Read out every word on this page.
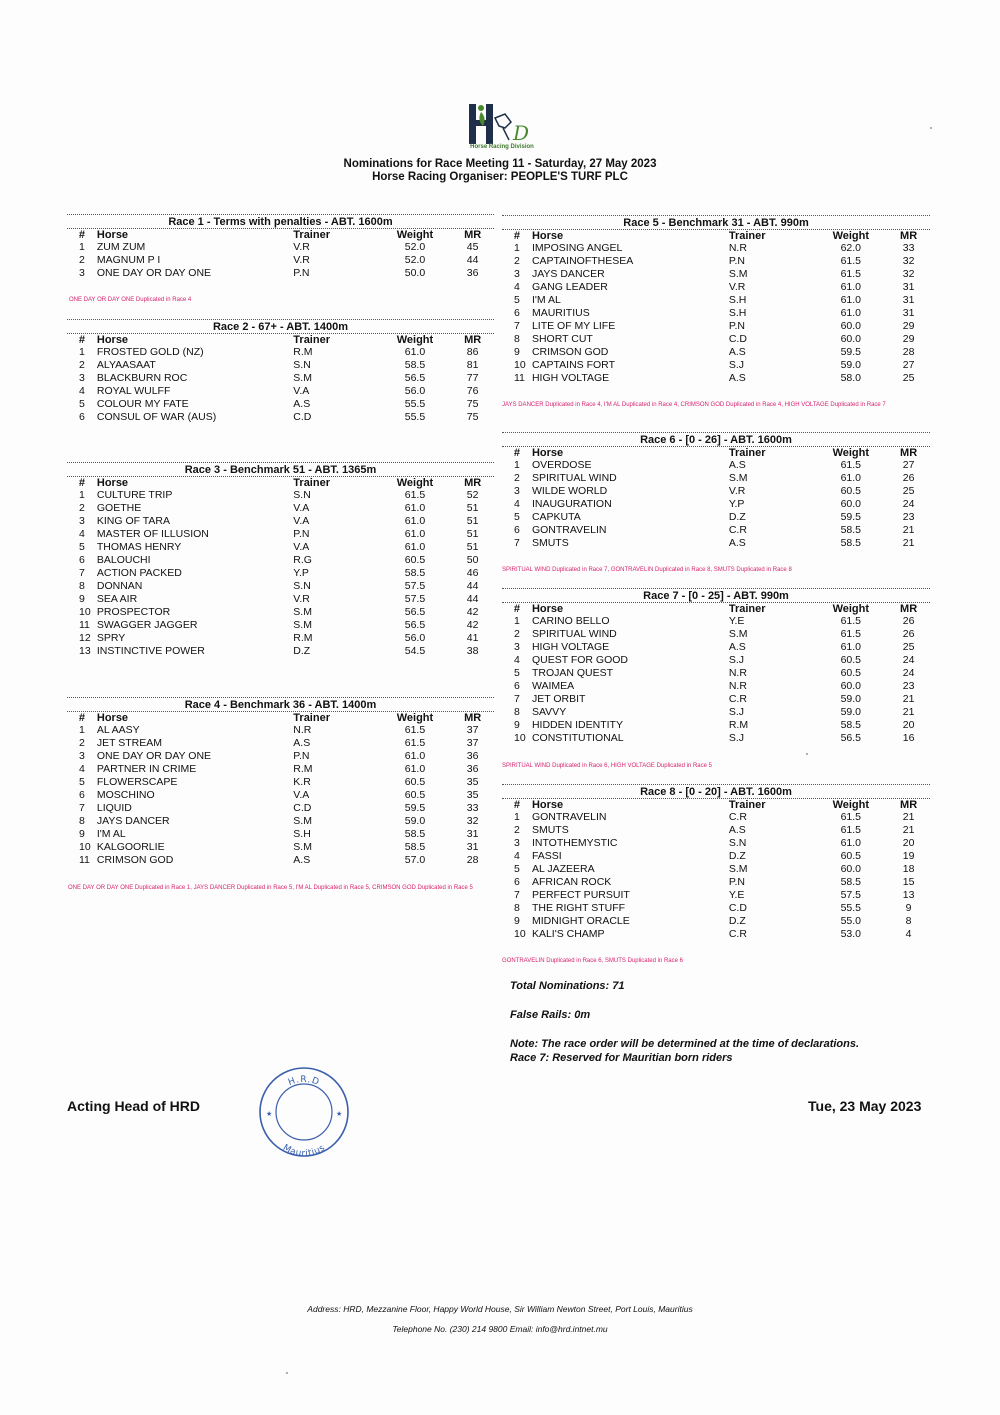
D
Horse Racing Division
Nominations for Race Meeting 11 - Saturday, 27 May 2023
Horse Racing Organiser: PEOPLE'S TURF PLC
Race 1 - Terms with penalties - ABT. 1600m
#	Horse	Trainer	Weight	MR
1	ZUM ZUM	V.R	52.0	45
2	MAGNUM P I	V.R	52.0	44
3	ONE DAY OR DAY ONE	P.N	50.0	36
ONE DAY OR DAY ONE Duplicated in Race 4
Race 2 - 67+ - ABT. 1400m
#	Horse	Trainer	Weight	MR
1	FROSTED GOLD (NZ)	R.M	61.0	86
2	ALYAASAAT	S.N	58.5	81
3	BLACKBURN ROC	S.M	56.5	77
4	ROYAL WULFF	V.A	56.0	76
5	COLOUR MY FATE	A.S	55.5	75
6	CONSUL OF WAR (AUS)	C.D	55.5	75
Race 3 - Benchmark 51 - ABT. 1365m
#	Horse	Trainer	Weight	MR
1	CULTURE TRIP	S.N	61.5	52
2	GOETHE	V.A	61.0	51
3	KING OF TARA	V.A	61.0	51
4	MASTER OF ILLUSION	P.N	61.0	51
5	THOMAS HENRY	V.A	61.0	51
6	BALOUCHI	R.G	60.5	50
7	ACTION PACKED	Y.P	58.5	46
8	DONNAN	S.N	57.5	44
9	SEA AIR	V.R	57.5	44
10	PROSPECTOR	S.M	56.5	42
11	SWAGGER JAGGER	S.M	56.5	42
12	SPRY	R.M	56.0	41
13	INSTINCTIVE POWER	D.Z	54.5	38
Race 4 - Benchmark 36 - ABT. 1400m
#	Horse	Trainer	Weight	MR
1	AL AASY	N.R	61.5	37
2	JET STREAM	A.S	61.5	37
3	ONE DAY OR DAY ONE	P.N	61.0	36
4	PARTNER IN CRIME	R.M	61.0	36
5	FLOWERSCAPE	K.R	60.5	35
6	MOSCHINO	V.A	60.5	35
7	LIQUID	C.D	59.5	33
8	JAYS DANCER	S.M	59.0	32
9	I'M AL	S.H	58.5	31
10	KALGOORLIE	S.M	58.5	31
11	CRIMSON GOD	A.S	57.0	28
ONE DAY OR DAY ONE Duplicated in Race 1, JAYS DANCER Duplicated in Race 5, I'M AL Duplicated in Race 5, CRIMSON GOD Duplicated in Race 5
Race 5 - Benchmark 31 - ABT. 990m
#	Horse	Trainer	Weight	MR
1	IMPOSING ANGEL	N.R	62.0	33
2	CAPTAINOFTHESEA	P.N	61.5	32
3	JAYS DANCER	S.M	61.5	32
4	GANG LEADER	V.R	61.0	31
5	I'M AL	S.H	61.0	31
6	MAURITIUS	S.H	61.0	31
7	LITE OF MY LIFE	P.N	60.0	29
8	SHORT CUT	C.D	60.0	29
9	CRIMSON GOD	A.S	59.5	28
10	CAPTAINS FORT	S.J	59.0	27
11	HIGH VOLTAGE	A.S	58.0	25
JAYS DANCER Duplicated in Race 4, I'M AL Duplicated in Race 4, CRIMSON GOD Duplicated in Race 4, HIGH VOLTAGE Duplicated in Race 7
Race 6 - [0 - 26] - ABT. 1600m
#	Horse	Trainer	Weight	MR
1	OVERDOSE	A.S	61.5	27
2	SPIRITUAL WIND	S.M	61.0	26
3	WILDE WORLD	V.R	60.5	25
4	INAUGURATION	Y.P	60.0	24
5	CAPKUTA	D.Z	59.5	23
6	GONTRAVELIN	C.R	58.5	21
7	SMUTS	A.S	58.5	21
SPIRITUAL WIND Duplicated in Race 7, GONTRAVELIN Duplicated in Race 8, SMUTS Duplicated in Race 8
Race 7 - [0 - 25] - ABT. 990m
#	Horse	Trainer	Weight	MR
1	CARINO BELLO	Y.E	61.5	26
2	SPIRITUAL WIND	S.M	61.5	26
3	HIGH VOLTAGE	A.S	61.0	25
4	QUEST FOR GOOD	S.J	60.5	24
5	TROJAN QUEST	N.R	60.5	24
6	WAIMEA	N.R	60.0	23
7	JET ORBIT	C.R	59.0	21
8	SAVVY	S.J	59.0	21
9	HIDDEN IDENTITY	R.M	58.5	20
10	CONSTITUTIONAL	S.J	56.5	16
SPIRITUAL WIND Duplicated in Race 6, HIGH VOLTAGE Duplicated in Race 5
Race 8 - [0 - 20] - ABT. 1600m
#	Horse	Trainer	Weight	MR
1	GONTRAVELIN	C.R	61.5	21
2	SMUTS	A.S	61.5	21
3	INTOTHEMYSTIC	S.N	61.0	20
4	FASSI	D.Z	60.5	19
5	AL JAZEERA	S.M	60.0	18
6	AFRICAN ROCK	P.N	58.5	15
7	PERFECT PURSUIT	Y.E	57.5	13
8	THE RIGHT STUFF	C.D	55.5	9
9	MIDNIGHT ORACLE	D.Z	55.0	8
10	KALI'S CHAMP	C.R	53.0	4
GONTRAVELIN Duplicated in Race 6, SMUTS Duplicated in Race 6
Total Nominations: 71
False Rails: 0m
Note: The race order will be determined at the time of declarations.
Race 7: Reserved for Mauritian born riders
Acting Head of HRD	Tue, 23 May 2023
H.R.D
Mauritius
★	★
Address: HRD, Mezzanine Floor, Happy World House, Sir William Newton Street, Port Louis, Mauritius
Telephone No. (230) 214 9800 Email: info@hrd.intnet.mu
